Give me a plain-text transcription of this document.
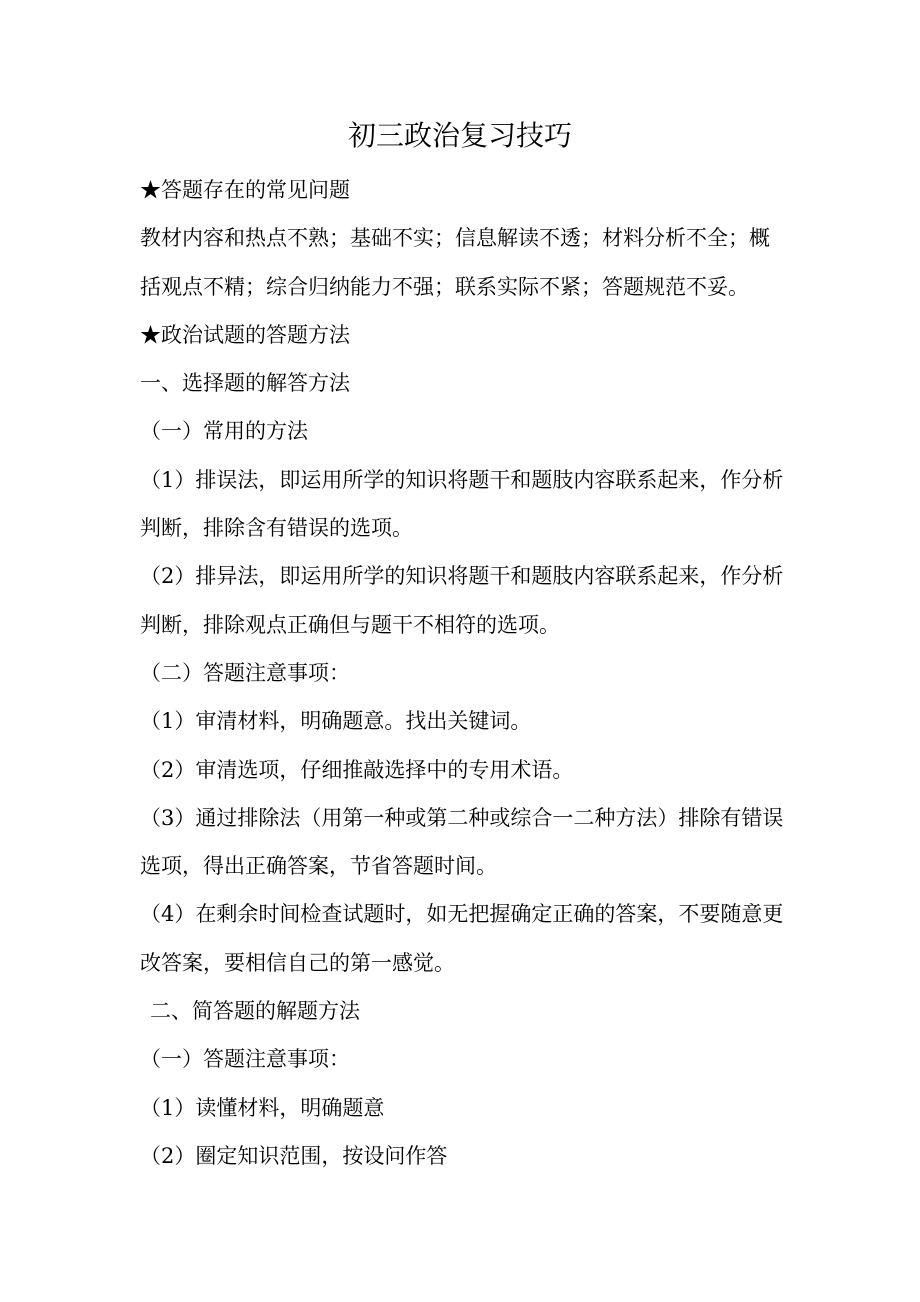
初三政治复习技巧

★答题存在的常见问题

教材内容和热点不熟；基础不实；信息解读不透；材料分析不全；概括观点不精；综合归纳能力不强；联系实际不紧；答题规范不妥。

★政治试题的答题方法

一、选择题的解答方法

（一）常用的方法

（1）排误法，即运用所学的知识将题干和题肢内容联系起来，作分析判断，排除含有错误的选项。

（2）排异法，即运用所学的知识将题干和题肢内容联系起来，作分析判断，排除观点正确但与题干不相符的选项。

（二）答题注意事项：

（1）审清材料，明确题意。找出关键词。

（2）审清选项，仔细推敲选择中的专用术语。

（3）通过排除法（用第一种或第二种或综合一二种方法）排除有错误选项，得出正确答案，节省答题时间。

（4）在剩余时间检查试题时，如无把握确定正确的答案，不要随意更改答案，要相信自己的第一感觉。

二、简答题的解题方法

（一）答题注意事项：

（1）读懂材料，明确题意

（2）圈定知识范围，按设问作答
